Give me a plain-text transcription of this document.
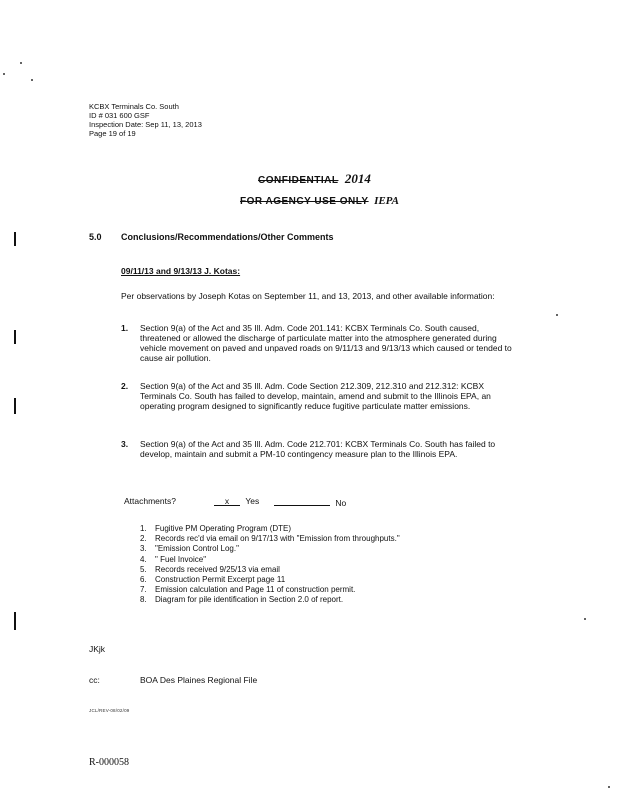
KCBX Terminals Co. South
ID # 031 600 GSF
Inspection Date: Sep 11, 13, 2013
Page 19 of 19
CONFIDENTIAL 2014
FOR AGENCY USE ONLY IEPA
5.0 Conclusions/Recommendations/Other Comments
09/11/13 and 9/13/13 J. Kotas:
Per observations by Joseph Kotas on September 11, and 13, 2013, and other available information:
1. Section 9(a) of the Act and 35 Ill. Adm. Code 201.141: KCBX Terminals Co. South caused, threatened or allowed the discharge of particulate matter into the atmosphere generated during vehicle movement on paved and unpaved roads on 9/11/13 and 9/13/13 which caused or tended to cause air pollution.
2. Section 9(a) of the Act and 35 Ill. Adm. Code Section 212.309, 212.310 and 212.312: KCBX Terminals Co. South has failed to develop, maintain, amend and submit to the Illinois EPA, an operating program designed to significantly reduce fugitive particulate matter emissions.
3. Section 9(a) of the Act and 35 Ill. Adm. Code 212.701: KCBX Terminals Co. South has failed to develop, maintain and submit a PM-10 contingency measure plan to the Illinois EPA.
Attachments?	x Yes	No
1. Fugitive PM Operating Program (DTE)
2. Records rec'd via email on 9/17/13 with "Emission from throughputs."
3. "Emission Control Log."
4. " Fuel Invoice"
5. Records received 9/25/13 via email
6. Construction Permit Excerpt page 11
7. Emission calculation and Page 11 of construction permit.
8. Diagram for pile identification in Section 2.0 of report.
JKjk
cc:	BOA Des Plaines Regional File
JCL/REV-08/02/09
R-000058
